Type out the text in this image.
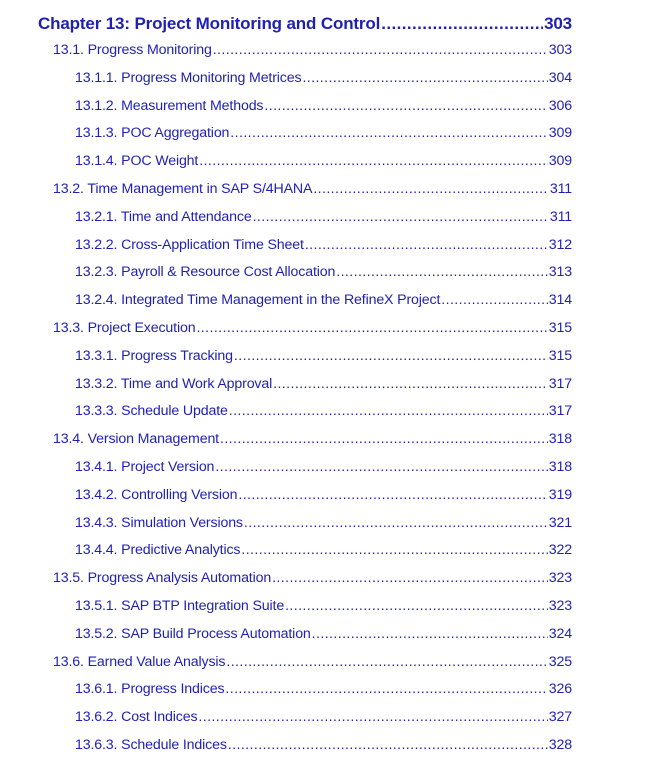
Chapter 13: Project Monitoring and Control .....	303
13.1. Progress Monitoring .....	303
13.1.1. Progress Monitoring Metrices .....	304
13.1.2. Measurement Methods .....	306
13.1.3. POC Aggregation .....	309
13.1.4. POC Weight .....	309
13.2. Time Management in SAP S/4HANA .....	311
13.2.1. Time and Attendance .....	311
13.2.2. Cross-Application Time Sheet .....	312
13.2.3. Payroll & Resource Cost Allocation .....	313
13.2.4. Integrated Time Management in the RefineX Project .....	314
13.3. Project Execution .....	315
13.3.1. Progress Tracking .....	315
13.3.2. Time and Work Approval .....	317
13.3.3. Schedule Update .....	317
13.4. Version Management .....	318
13.4.1. Project Version .....	318
13.4.2. Controlling Version .....	319
13.4.3. Simulation Versions .....	321
13.4.4. Predictive Analytics .....	322
13.5. Progress Analysis Automation .....	323
13.5.1. SAP BTP Integration Suite .....	323
13.5.2. SAP Build Process Automation .....	324
13.6. Earned Value Analysis .....	325
13.6.1. Progress Indices .....	326
13.6.2. Cost Indices .....	327
13.6.3. Schedule Indices .....	328
